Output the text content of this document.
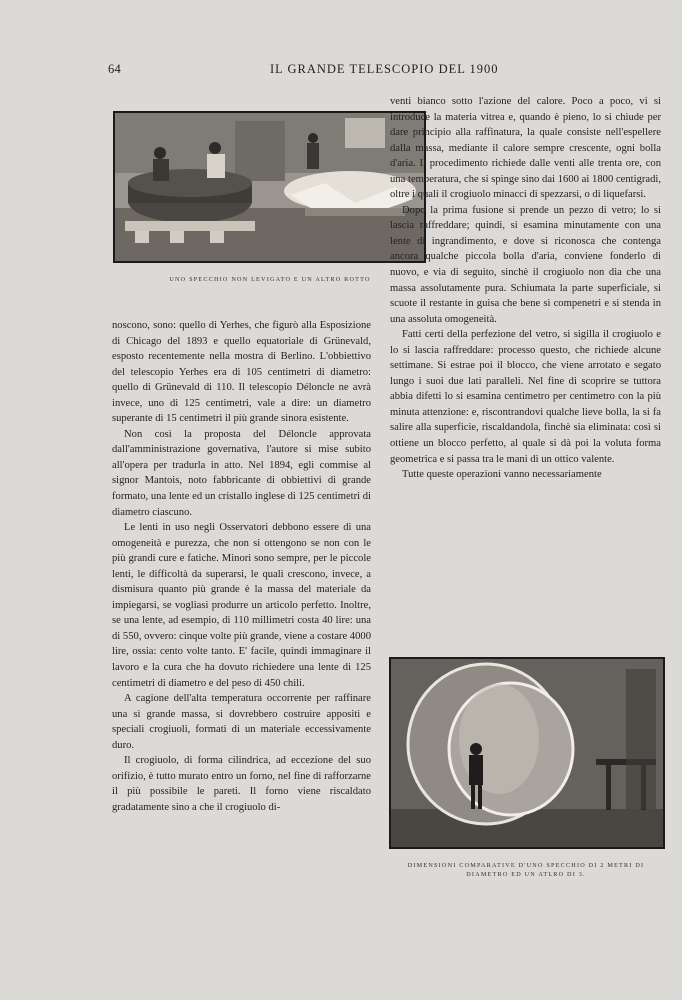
64	IL GRANDE TELESCOPIO DEL 1900
UNO SPECCHIO NON LEVIGATO E UN ALTRO ROTTO
DIMENSIONI COMPARATIVE D'UNO SPECCHIO DI 2 METRI DI DIAMETRO ED UN ATLRO DI 3.

noscono, sono: quello di Yerhes, che figurò alla Esposizione di Chicago del 1893 e quello equatoriale di Grünevald, esposto recentemente nella mostra di Berlino. L'obbiettivo del telescopio Yerhes era di 105 centimetri di diametro: quello di Grünevald di 110. Il telescopio Déloncle ne avrà invece, uno di 125 centimetri, vale a dire: un diametro superante di 15 centimetri il più grande sinora esistente.

Non così la proposta del Déloncle approvata dall'amministrazione governativa, l'autore si mise subito all'opera per tradurla in atto. Nel 1894, egli commise al signor Mantois, noto fabbricante di obbiettivi di grande formato, una lente ed un cristallo inglese di 125 centimetri di diametro ciascuno.

Le lenti in uso negli Osservatori debbono essere di una omogeneità e purezza, che non si ottengono se non con le più grandi cure e fatiche. Minori sono sempre, per le piccole lenti, le difficoltà da superarsi, le quali crescono, invece, a dismisura quanto più grande è la massa del materiale da impiegarsi, se vogliasi produrre un articolo perfetto. Inoltre, se una lente, ad esempio, di 110 millimetri costa 40 lire: una di 550, ovvero: cinque volte più grande, viene a costare 4000 lire, ossia: cento volte tanto. E' facile, quindi immaginare il lavoro e la cura che ha dovuto richiedere una lente di 125 centimetri di diametro e del peso di 450 chili.

A cagione dell'alta temperatura occorrente per raffinare una sì grande massa, si dovrebbero costruire appositi e speciali crogiuoli, formati di un materiale eccessivamente duro.

Il crogiuolo, di forma cilindrica, ad eccezione del suo orifizio, è tutto murato entro un forno, nel fine di rafforzarne il più possibile le pareti. Il forno viene riscaldato gradatamente sino a che il crogiuolo di-

venti bianco sotto l'azione del calore. Poco a poco, vi si introduce la materia vitrea e, quando è pieno, lo si chiude per dare principio alla raffinatura, la quale consiste nell'espellere dalla massa, mediante il calore sempre crescente, ogni bolla d'aria. Il procedimento richiede dalle venti alle trenta ore, con una temperatura, che si spinge sino dai 1600 ai 1800 centigradi, oltre i quali il crogiuolo minacci di spezzarsi, o di liquefarsi.

Dopo la prima fusione si prende un pezzo di vetro; lo si lascia raffreddare; quindi, si esamina minutamente con una lente di ingrandimento, e dove si riconosca che contenga ancora qualche piccola bolla d'aria, conviene fonderlo di nuovo, e via di seguito, sinchè il crogiuolo non dia che una massa assolutamente pura. Schiumata la parte superficiale, si scuote il restante in guisa che bene si compenetri e si stenda in una assoluta omogeneità.

Fatti certi della perfezione del vetro, si sigilla il crogiuolo e lo si lascia raffreddare: processo questo, che richiede alcune settimane. Si estrae poi il blocco, che viene arrotato e segato lungo i suoi due lati paralleli. Nel fine di scoprire se tuttora abbia difetti lo si esamina centimetro per centimetro con la più minuta attenzione: e, riscontrandovi qualche lieve bolla, la si fa salire alla superficie, riscaldandola, finchè sia eliminata: così si ottiene un blocco perfetto, al quale si dà poi la voluta forma geometrica e si passa tra le mani di un ottico valente.

Tutte queste operazioni vanno necessariamente
